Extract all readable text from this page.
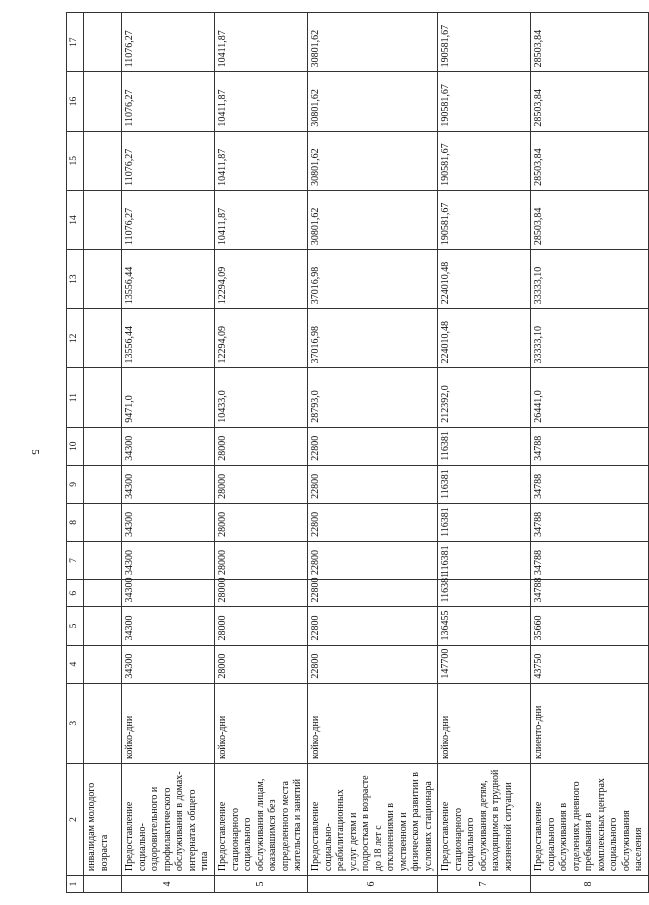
5
1	2	3	4	5	6	7	8	9	10	11	12	13	14	15	16	17
	инвалидам молодого возраста															
4	Предоставление социально-оздоровительного и профилактического обслуживания в домах-интернатах общего типа	койко-дни	34300	34300	34300	34300	34300	34300	34300	9471,0	13556,44	13556,44	11076,27	11076,27	11076,27	11076,27
5	Предоставление стационарного социального обслуживания лицам, оказавшимся без определенного места жительства и занятий	койко-дни	28000	28000	28000	28000	28000	28000	28000	10433,0	12294,09	12294,09	10411,87	10411,87	10411,87	10411,87
6	Предоставление социально-реабилитационных услуг детям и подросткам в возрасте до 18 лет с отклонениями в умственном и физическом развитии в условиях стационара	койко-дни	22800	22800	22800	22800	22800	22800	22800	28793,0	37016,98	37016,98	30801,62	30801,62	30801,62	30801,62
7	Предоставление стационарного социального обслуживания детям, находящимся в трудной жизненной ситуации	койко-дни	147700	136455	116381	116381	116381	116381	116381	212392,0	224010,48	224010,48	190581,67	190581,67	190581,67	190581,67
8	Предоставление социального обслуживания в отделениях дневного пребывания в комплексных центрах социального обслуживания населения	клиенто-дни	43750	35660	34788	34788	34788	34788	34788	26441,0	33333,10	33333,10	28503,84	28503,84	28503,84	28503,84
